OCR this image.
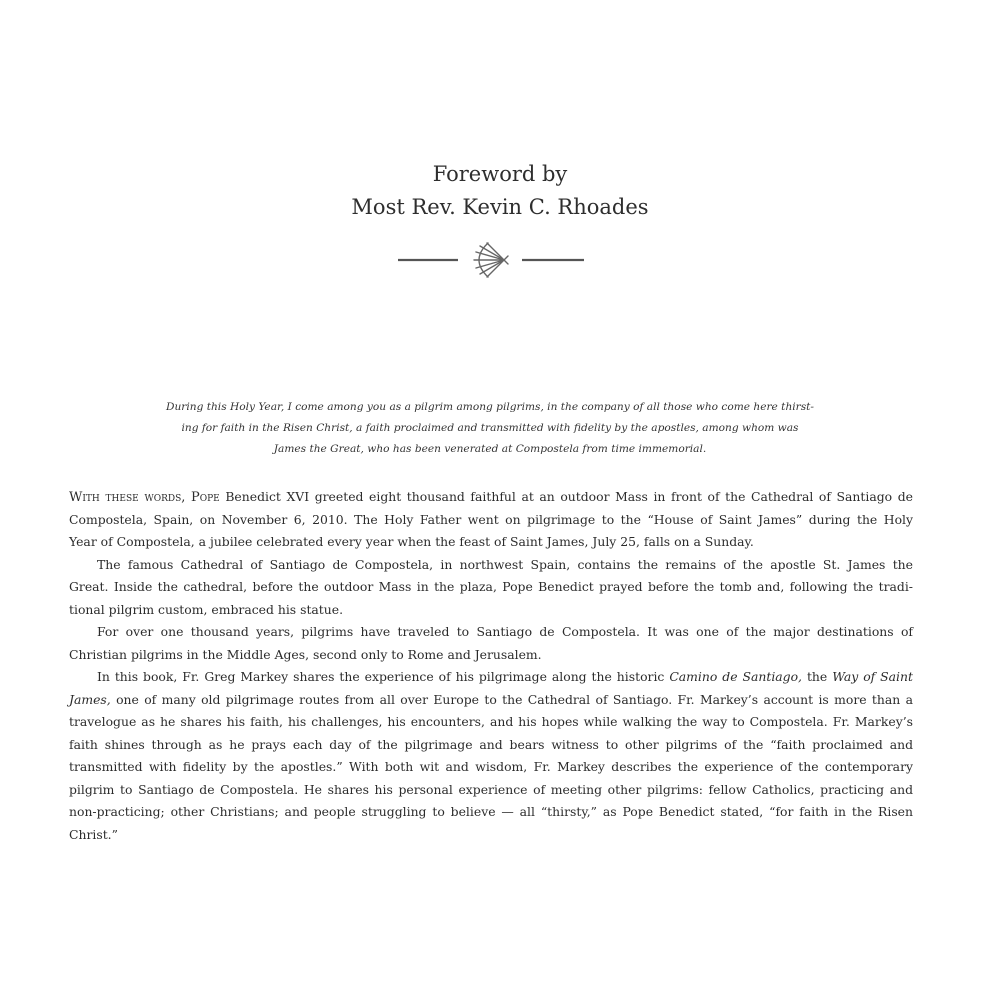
Foreword by
Most Rev. Kevin C. Rhoades
During this Holy Year, I come among you as a pilgrim among pilgrims, in the company of all those who come here thirst-
ing for faith in the Risen Christ, a faith proclaimed and transmitted with fidelity by the apostles, among whom was
James the Great, who has been venerated at Compostela from time immemorial.
With these words, Pope Benedict XVI greeted eight thousand faithful at an outdoor Mass in front of the Cathedral of Santiago de
Compostela, Spain, on November 6, 2010. The Holy Father went on pilgrimage to the “House of Saint James” during the Holy
Year of Compostela, a jubilee celebrated every year when the feast of Saint James, July 25, falls on a Sunday.
The famous Cathedral of Santiago de Compostela, in northwest Spain, contains the remains of the apostle St. James the
Great. Inside the cathedral, before the outdoor Mass in the plaza, Pope Benedict prayed before the tomb and, following the tradi-
tional pilgrim custom, embraced his statue.
For over one thousand years, pilgrims have traveled to Santiago de Compostela. It was one of the major destinations of
Christian pilgrims in the Middle Ages, second only to Rome and Jerusalem.
In this book, Fr. Greg Markey shares the experience of his pilgrimage along the historic Camino de Santiago, the Way of Saint
James, one of many old pilgrimage routes from all over Europe to the Cathedral of Santiago. Fr. Markey’s account is more than a
travelogue as he shares his faith, his challenges, his encounters, and his hopes while walking the way to Compostela. Fr. Markey’s
faith shines through as he prays each day of the pilgrimage and bears witness to other pilgrims of the “faith proclaimed and
transmitted with fidelity by the apostles.” With both wit and wisdom, Fr. Markey describes the experience of the contemporary
pilgrim to Santiago de Compostela. He shares his personal experience of meeting other pilgrims: fellow Catholics, practicing and
non-practicing; other Christians; and people struggling to believe — all “thirsty,” as Pope Benedict stated, “for faith in the Risen
Christ.”
